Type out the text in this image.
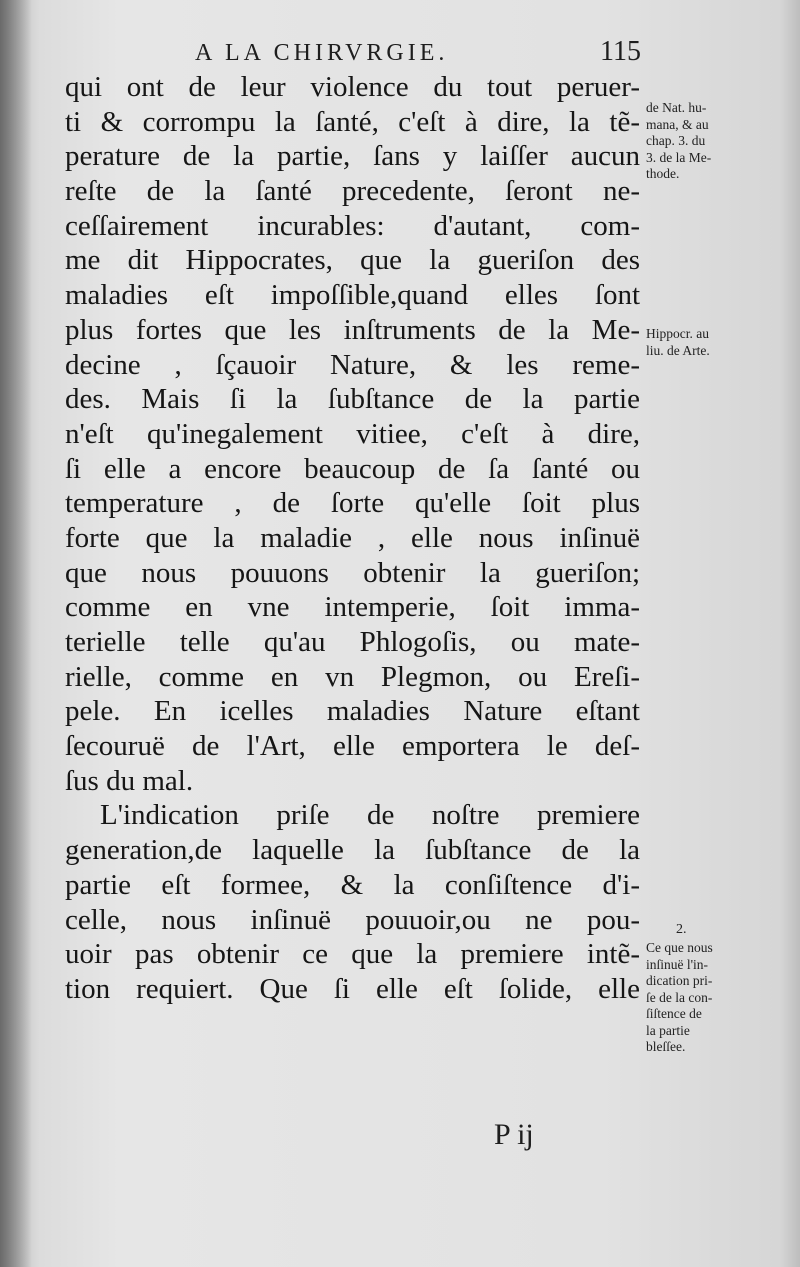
A LA CHIRVRGIE.	115
qui ont de leur violence du tout peruer-
ti & corrompu la ſanté, c'eſt à dire, la tẽ-
perature de la partie, ſans y laiſſer aucun
reſte de la ſanté precedente, ſeront ne-
ceſſairement incurables: d'autant, com-
me dit Hippocrates, que la gueriſon des
maladies eſt impoſſible,quand elles ſont
plus fortes que les inſtruments de la Me-
decine , ſçauoir Nature, & les reme-
des. Mais ſi la ſubſtance de la partie
n'eſt qu'inegalement vitiee, c'eſt à dire,
ſi elle a encore beaucoup de ſa ſanté ou
temperature , de ſorte qu'elle ſoit plus
forte que la maladie , elle nous inſinuë
que nous pouuons obtenir la gueriſon;
comme en vne intemperie, ſoit imma-
terielle telle qu'au Phlogoſis, ou mate-
rielle, comme en vn Plegmon, ou Ereſi-
pele. En icelles maladies Nature eſtant
ſecouruë de l'Art, elle emportera le deſ-
ſus du mal.
L'indication priſe de noſtre premiere
generation,de laquelle la ſubſtance de la
partie eſt formee, & la conſiſtence d'i-
celle, nous inſinuë pouuoir,ou ne pou-
uoir pas obtenir ce que la premiere intẽ-
tion requiert. Que ſi elle eſt ſolide, elle
de Nat. hu-
mana, & au
chap. 3. du
3. de la Me-
thode.
Hippocr. au
liu. de Arte.
2.
Ce que nous
inſinuë l'in-
dication pri-
ſe de la con-
ſiſtence de
la partie
bleſſee.
P ij
